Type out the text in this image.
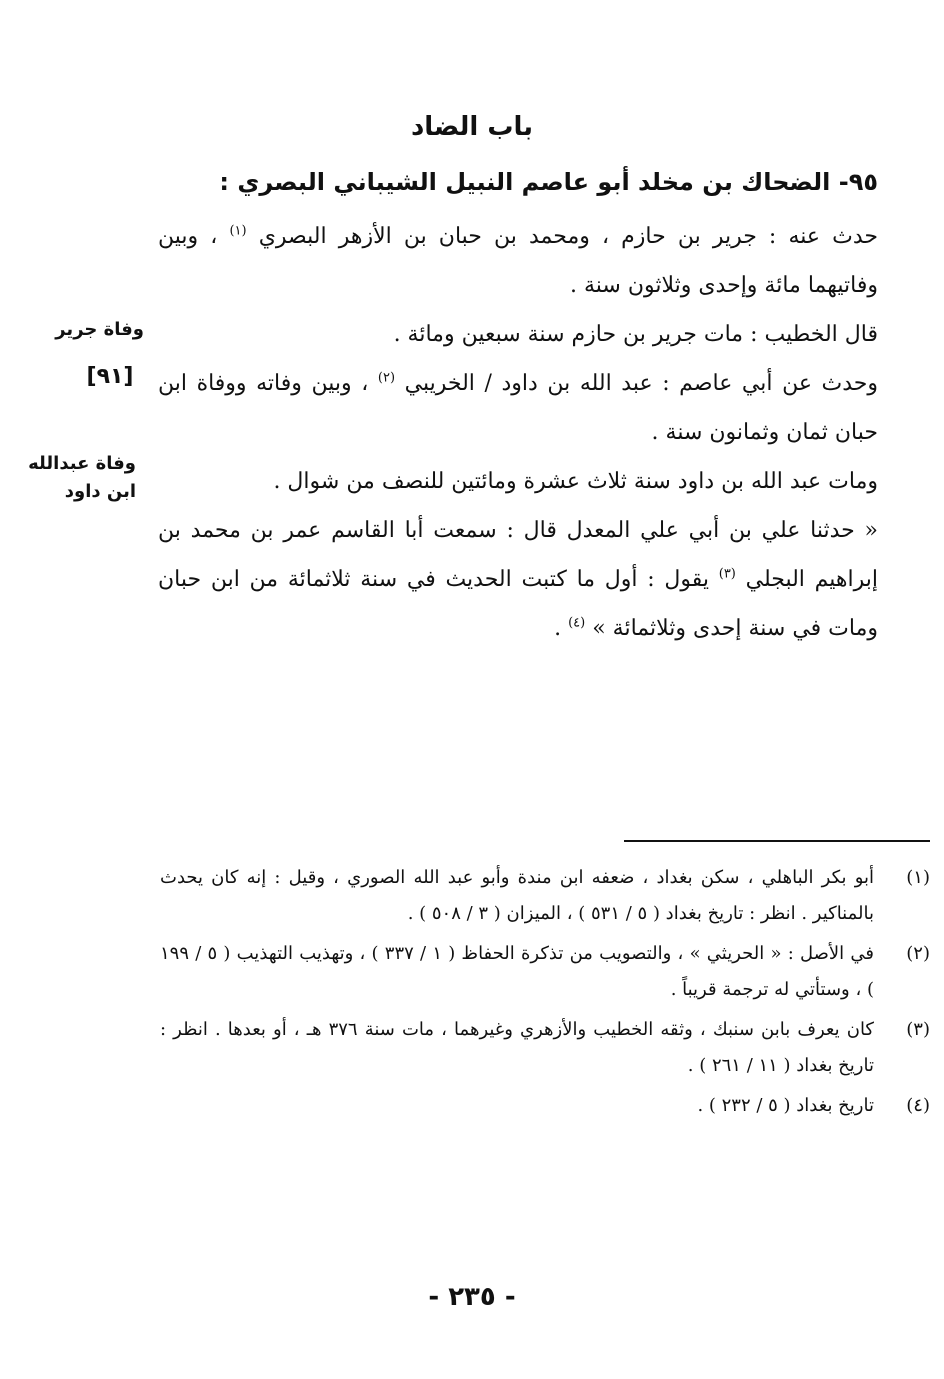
باب الضاد
٩٥- الضحاك بن مخلد أبو عاصم النبيل الشيباني البصري :

حدث عنه : جرير بن حازم ، ومحمد بن حبان بن الأزهر البصري $^{(١)}$ ، وبين وفاتيهما مائة وإحدى وثلاثون سنة .

قال الخطيب : مات جرير بن حازم سنة سبعين ومائة .

وحدث عن أبي عاصم : عبد الله بن داود / الخريبي $^{(٢)}$ ، وبين وفاته ووفاة ابن حبان ثمان وثمانون سنة .

ومات عبد الله بن داود سنة ثلاث عشرة ومائتين للنصف من شوال .

« حدثنا علي بن أبي علي المعدل قال : سمعت أبا القاسم عمر بن محمد بن إبراهيم البجلي $^{(٣)}$ يقول : أول ما كتبت الحديث في سنة ثلاثمائة من ابن حبان ومات في سنة إحدى وثلاثمائة » $^{(٤)}$ .

وفاة جرير
[٩١]
وفاة عبدالله ابن داود
(١)
أبو بكر الباهلي ، سكن بغداد ، ضعفه ابن مندة وأبو عبد الله الصوري ، وقيل : إنه كان يحدث بالمناكير . انظر : تاريخ بغداد ( ٥ / ٥٣١ ) ، الميزان ( ٣ / ٥٠٨ ) .
(٢)
في الأصل : « الحريثي » ، والتصويب من تذكرة الحفاظ ( ١ / ٣٣٧ ) ، وتهذيب التهذيب ( ٥ / ١٩٩ ) ، وستأتي له ترجمة قريباً .
(٣)
كان يعرف بابن سنبك ، وثقه الخطيب والأزهري وغيرهما ، مات سنة ٣٧٦ هـ ، أو بعدها . انظر : تاريخ بغداد ( ١١ / ٢٦١ ) .
(٤)
تاريخ بغداد ( ٥ / ٢٣٢ ) .
- ٢٣٥ -
